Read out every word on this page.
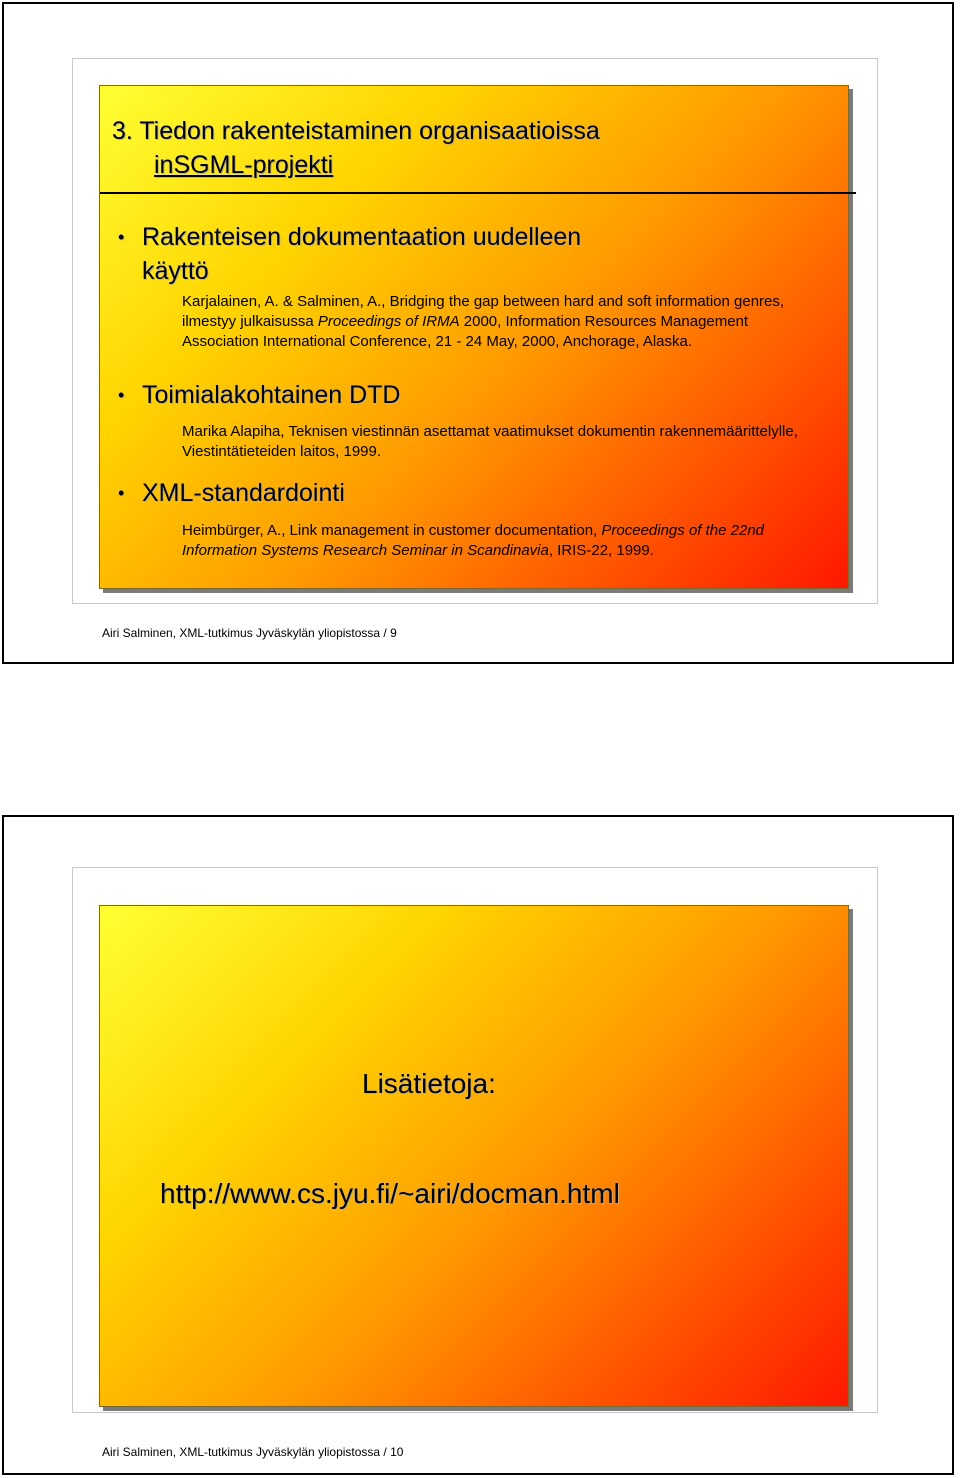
3. Tiedon rakenteistaminen organisaatioissa
inSGML-projekti
• Rakenteisen dokumentaation uudelleen
käyttö
Karjalainen, A. & Salminen, A., Bridging the gap between hard and soft information genres, ilmestyy julkaisussa Proceedings of IRMA 2000, Information Resources Management Association International Conference, 21 - 24 May, 2000, Anchorage, Alaska.
• Toimialakohtainen DTD
Marika Alapiha, Teknisen viestinnän asettamat vaatimukset dokumentin rakennemäärittelylle, Viestintätieteiden laitos, 1999.
• XML-standardointi
Heimbürger, A., Link management in customer documentation, Proceedings of the 22nd Information Systems Research Seminar in Scandinavia, IRIS-22, 1999.
Airi Salminen, XML-tutkimus Jyväskylän yliopistossa / 9
Lisätietoja:
http://www.cs.jyu.fi/~airi/docman.html
Airi Salminen, XML-tutkimus Jyväskylän yliopistossa / 10
